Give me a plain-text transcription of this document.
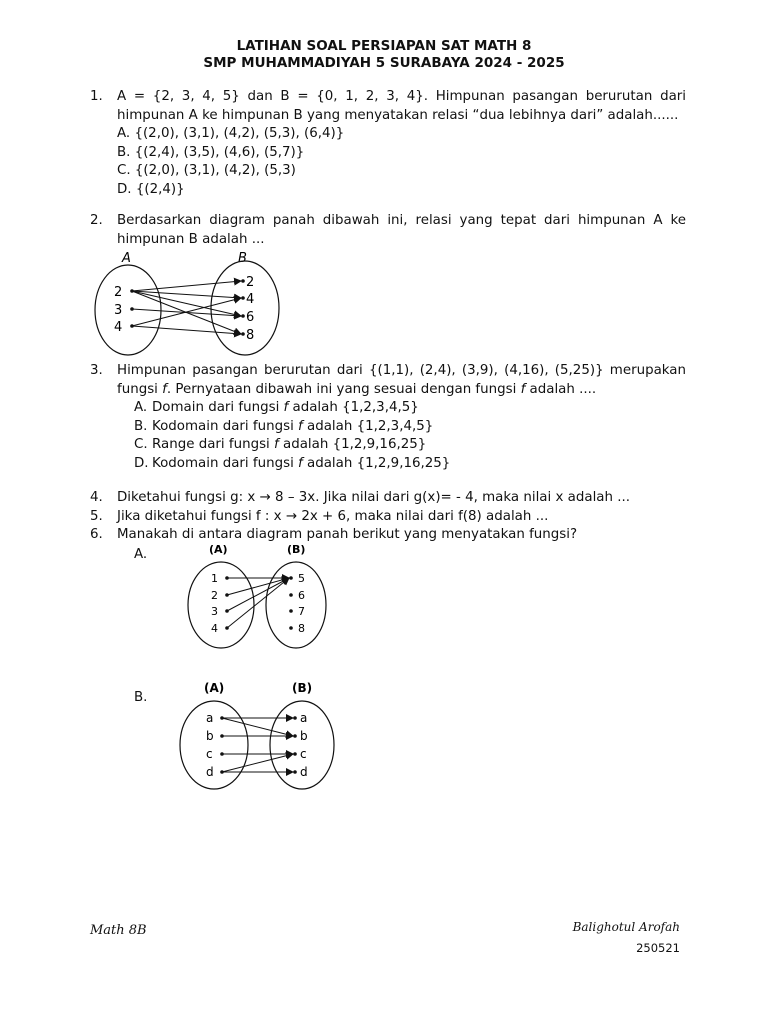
LATIHAN SOAL PERSIAPAN SAT MATH 8
SMP MUHAMMADIYAH 5 SURABAYA 2024 - 2025
1. A = {2, 3, 4, 5} dan B = {0, 1, 2, 3, 4}. Himpunan pasangan berurutan dari
himpunan A ke himpunan B yang menyatakan relasi “dua lebihnya dari” adalah......
A. {(2,0), (3,1), (4,2), (5,3), (6,4)}
B. {(2,4), (3,5), (4,6), (5,7)}
C. {(2,0), (3,1), (4,2), (5,3)
D. {(2,4)}
2. Berdasarkan diagram panah dibawah ini, relasi yang tepat dari himpunan A ke
himpunan B adalah ...
A	B
2
3
4
2
4
6
8
3. Himpunan pasangan berurutan dari {(1,1), (2,4), (3,9), (4,16), (5,25)} merupakan
fungsi f. Pernyataan dibawah ini yang sesuai dengan fungsi f adalah ....
A. Domain dari fungsi f adalah {1,2,3,4,5}
B. Kodomain dari fungsi f adalah {1,2,3,4,5}
C. Range dari fungsi f adalah {1,2,9,16,25}
D. Kodomain dari fungsi f adalah {1,2,9,16,25}
4. Diketahui fungsi g: x → 8 – 3x. Jika nilai dari g(x)= - 4, maka nilai x adalah ...
5. Jika diketahui fungsi f : x → 2x + 6, maka nilai dari f(8) adalah ...
6. Manakah di antara diagram panah berikut yang menyatakan fungsi?
A.	(A)	(B)
1
2
3
4
5
6
7
8
B.
(A)	(B)
a
b
c
d
a
b
c
d
Math 8B	Balighotul Arofah
250521
